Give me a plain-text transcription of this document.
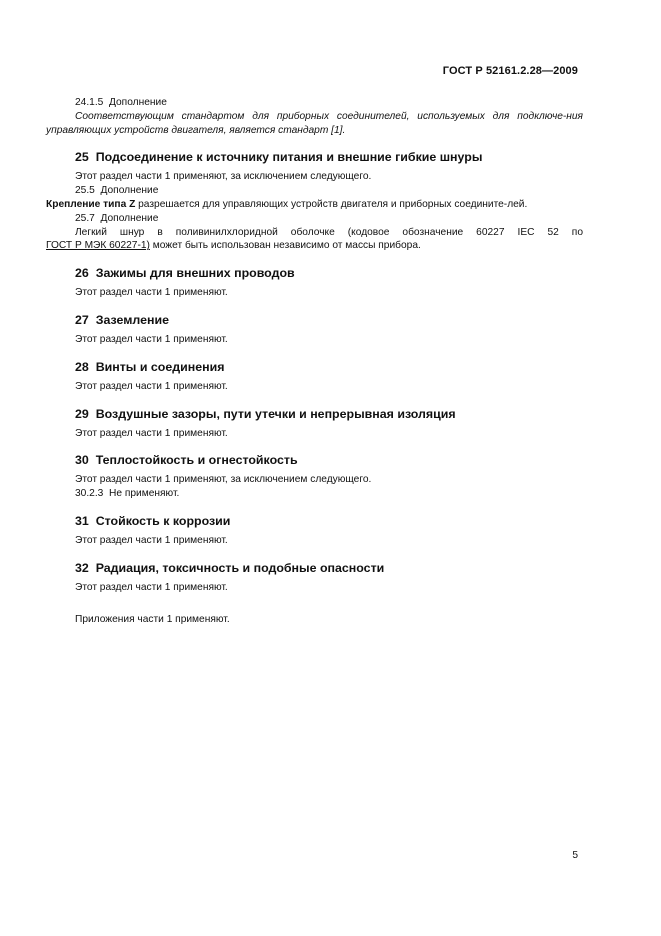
ГОСТ Р 52161.2.28—2009

24.1.5 Дополнение

Соответствующим стандартом для приборных соединителей, используемых для подключе-ния управляющих устройств двигателя, является стандарт [1].

25 Подсоединение к источнику питания и внешние гибкие шнуры

Этот раздел части 1 применяют, за исключением следующего.

25.5 Дополнение

Крепление типа Z разрешается для управляющих устройств двигателя и приборных соедините-лей.

25.7 Дополнение

Легкий шнур в поливинилхлоридной оболочке (кодовое обозначение 60227 IEC 52 по
ГОСТ Р МЭК 60227-1) может быть использован независимо от массы прибора.

26 Зажимы для внешних проводов

Этот раздел части 1 применяют.

27 Заземление

Этот раздел части 1 применяют.

28 Винты и соединения

Этот раздел части 1 применяют.

29 Воздушные зазоры, пути утечки и непрерывная изоляция

Этот раздел части 1 применяют.

30 Теплостойкость и огнестойкость

Этот раздел части 1 применяют, за исключением следующего.

30.2.3 Не применяют.

31 Стойкость к коррозии

Этот раздел части 1 применяют.

32 Радиация, токсичность и подобные опасности

Этот раздел части 1 применяют.

Приложения части 1 применяют.

5
